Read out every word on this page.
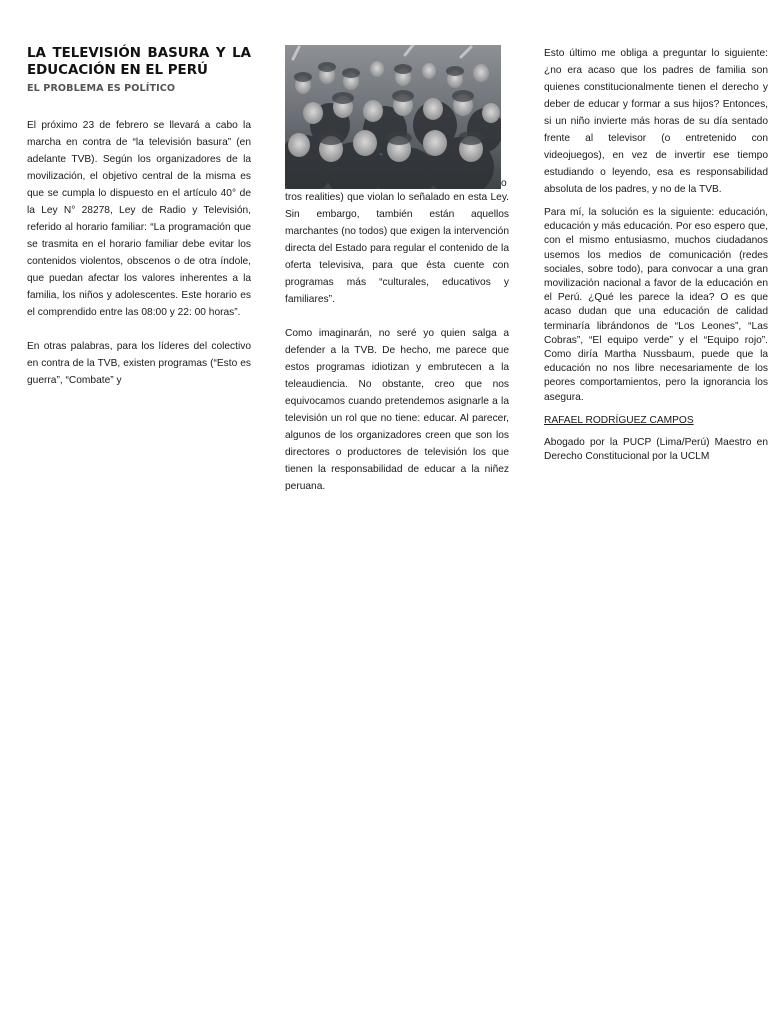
LA TELEVISIÓN BASURA Y LA EDUCACIÓN EN EL PERÚ
EL PROBLEMA ES POLÍTICO

El próximo 23 de febrero se llevará a cabo la marcha en contra de “la televisión basura” (en adelante TVB). Según los organizadores de la movilización, el objetivo central de la misma es que se cumpla lo dispuesto en el artículo 40° de la Ley N° 28278, Ley de Radio y Televisión, referido al horario familiar: “La programación que se trasmita en el horario familiar debe evitar los contenidos violentos, obscenos o de otra índole, que puedan afectar los valores inherentes a la familia, los niños y adolescentes. Este horario es el comprendido entre las 08:00 y 22: 00 horas”.

En otras palabras, para los líderes del colectivo en contra de la TVB, existen programas (“Esto es guerra”, “Combate” y

o

tros realities) que violan lo señalado en esta Ley. Sin embargo, también están aquellos marchantes (no todos) que exigen la intervención directa del Estado para regular el contenido de la oferta televisiva, para que ésta cuente con programas más “culturales, educativos y familiares”.

Como imaginarán, no seré yo quien salga a defender a la TVB. De hecho, me parece que estos programas idiotizan y embrutecen a la teleaudiencia. No obstante, creo que nos equivocamos cuando pretendemos asignarle a la televisión un rol que no tiene: educar. Al parecer, algunos de los organizadores creen que son los directores o productores de televisión los que tienen la responsabilidad de educar a la niñez peruana.

Esto último me obliga a preguntar lo siguiente: ¿no era acaso que los padres de familia son quienes constitucionalmente tienen el derecho y deber de educar y formar a sus hijos? Entonces, si un niño invierte más horas de su día sentado frente al televisor (o entretenido con videojuegos), en vez de invertir ese tiempo estudiando o leyendo, esa es responsabilidad absoluta de los padres, y no de la TVB.

Para mí, la solución es la siguiente: educación, educación y más educación. Por eso espero que, con el mismo entusiasmo, muchos ciudadanos usemos los medios de comunicación (redes sociales, sobre todo), para convocar a una gran movilización nacional a favor de la educación en el Perú. ¿Qué les parece la idea? O es que acaso dudan que una educación de calidad terminaría librándonos de “Los Leones”, “Las Cobras”, “El equipo verde” y el “Equipo rojo”. Como diría Martha Nussbaum, puede que la educación no nos libre necesariamente de los peores comportamientos, pero la ignorancia los asegura.

RAFAEL RODRÍGUEZ CAMPOS

Abogado por la PUCP (Lima/Perú) Maestro en Derecho Constitucional por la UCLM
